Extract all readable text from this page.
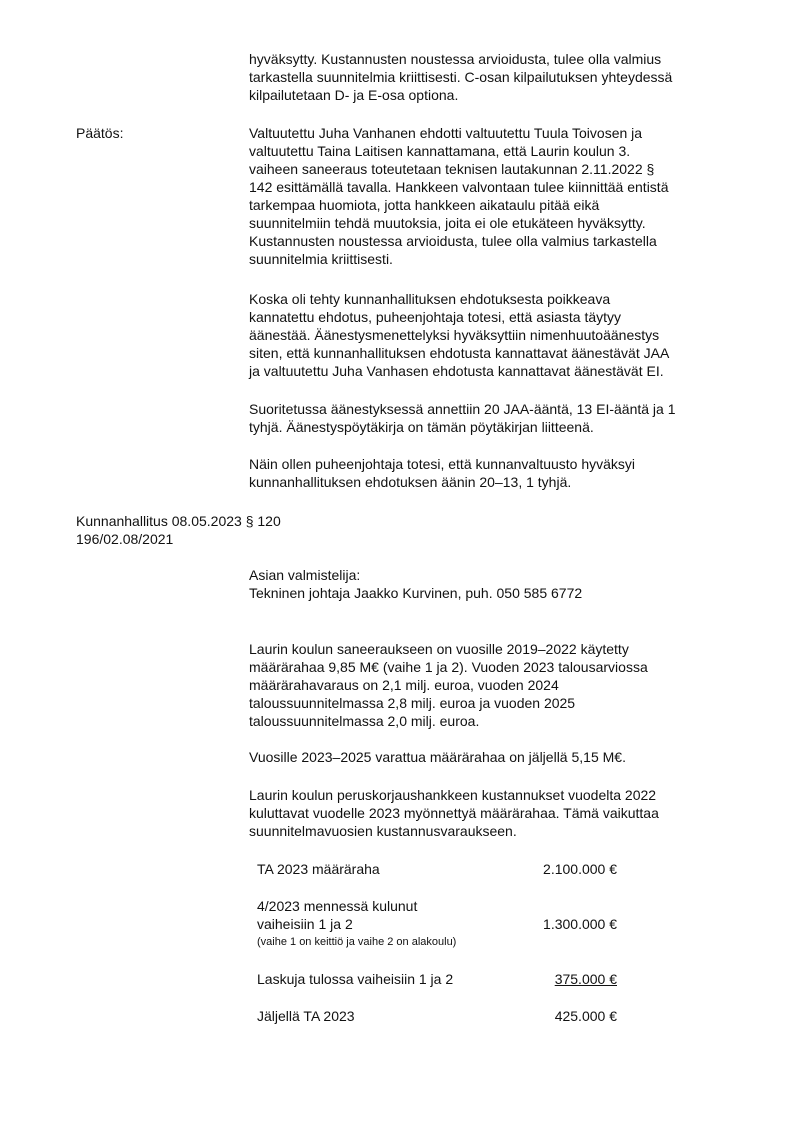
hyväksytty. Kustannusten noustessa arvioidusta, tulee olla valmius
tarkastella suunnitelmia kriittisesti. C-osan kilpailutuksen yhteydessä
kilpailutetaan D- ja E-osa optiona.

Päätös:	Valtuutettu Juha Vanhanen ehdotti valtuutettu Tuula Toivosen ja
valtuutettu Taina Laitisen kannattamana, että Laurin koulun 3.
vaiheen saneeraus toteutetaan teknisen lautakunnan 2.11.2022 §
142 esittämällä tavalla. Hankkeen valvontaan tulee kiinnittää entistä
tarkempaa huomiota, jotta hankkeen aikataulu pitää eikä
suunnitelmiin tehdä muutoksia, joita ei ole etukäteen hyväksytty.
Kustannusten noustessa arvioidusta, tulee olla valmius tarkastella
suunnitelmia kriittisesti.

Koska oli tehty kunnanhallituksen ehdotuksesta poikkeava
kannatettu ehdotus, puheenjohtaja totesi, että asiasta täytyy
äänestää. Äänestysmenettelyksi hyväksyttiin nimenhuutoäänestys
siten, että kunnanhallituksen ehdotusta kannattavat äänestävät JAA
ja valtuutettu Juha Vanhasen ehdotusta kannattavat äänestävät EI.

Suoritetussa äänestyksessä annettiin 20 JAA-ääntä, 13 EI-ääntä ja 1
tyhjä. Äänestyspöytäkirja on tämän pöytäkirjan liitteenä.

Näin ollen puheenjohtaja totesi, että kunnanvaltuusto hyväksyi
kunnanhallituksen ehdotuksen äänin 20–13, 1 tyhjä.

Kunnanhallitus 08.05.2023 § 120
196/02.08/2021
Asian valmistelija:
Tekninen johtaja Jaakko Kurvinen, puh. 050 585 6772

Laurin koulun saneeraukseen on vuosille 2019–2022 käytetty
määrärahaa 9,85 M€ (vaihe 1 ja 2). Vuoden 2023 talousarviossa
määrärahavaraus on 2,1 milj. euroa, vuoden 2024
taloussuunnitelmassa 2,8 milj. euroa ja vuoden 2025
taloussuunnitelmassa 2,0 milj. euroa.

Vuosille 2023–2025 varattua määrärahaa on jäljellä 5,15 M€.

Laurin koulun peruskorjaushankkeen kustannukset vuodelta 2022
kuluttavat vuodelle 2023 myönnettyä määrärahaa. Tämä vaikuttaa
suunnitelmavuosien kustannusvaraukseen.

TA 2023 määräraha	2.100.000 €
4/2023 mennessä kulunut
vaiheisiin 1 ja 2	1.300.000 €
(vaihe 1 on keittiö ja vaihe 2 on alakoulu)
Laskuja tulossa vaiheisiin 1 ja 2	375.000 €
Jäljellä TA 2023	425.000 €
